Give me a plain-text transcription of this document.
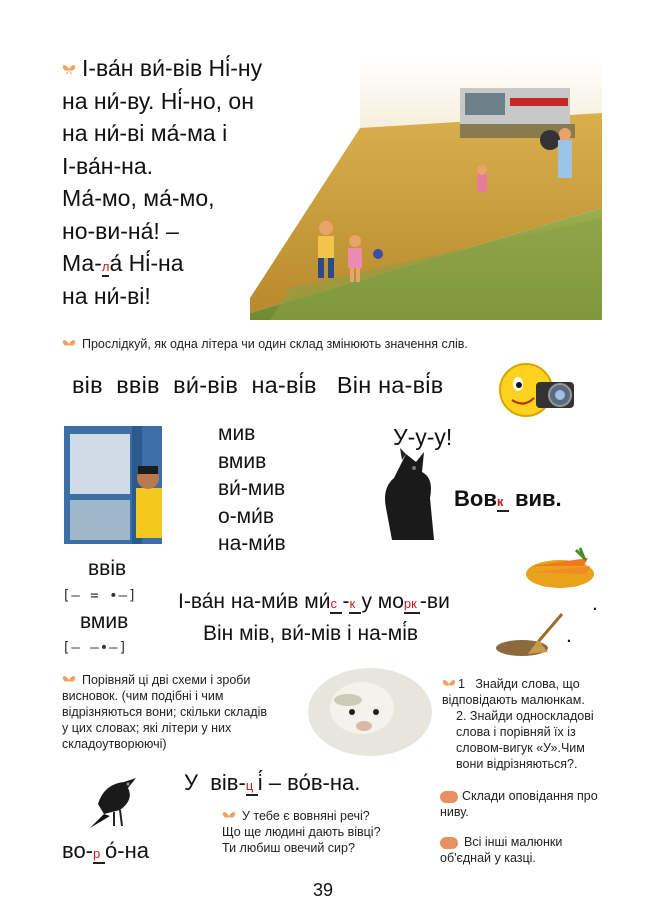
І-ва́н ви́-вів Ні́-ну
на ни́-ву. Ні́-но, он
на ни́-ві ма́-ма і
І-ва́н-на.
Ма́-мо, ма́-мо,
но-ви-на́! –
Ма-ла́ Ні́-на
на ни́-ві!
Прослідкуй, як одна літера чи один склад змінюють значення слів.
вів  ввів  ви́-вів  на-ві́в   Він на-ві́в
мив
вмив
ви́-мив
о-ми́в
на-ми́в
У-у-у!
Вовк вив.
ввів
[– = •–]
вмив
[– –•–]
І-ва́н на-ми́в ми́с -к у морк -ви	.
Він мів, ви́-мів і на-мі́в	.
Порівняй ці дві схеми і зроби висновок. (чим подібні і чим відрізняються вони; скільки складів у цих словах; які літери у них складоутворюючі)
У  вів-ц і́ – во́в-на.
во-р о́-на
У тебе є вовняні речі?
Що ще людині дають вівці?
Ти любиш овечий сир?
1 Знайди слова, що відповідають малюнкам.
2. Знайди односкладові слова і порівняй їх із словом-вигук «У».Чим вони відрізняються?.
Склади оповідання про ниву.
Всі інші малюнки об'єднай у казці.
39
